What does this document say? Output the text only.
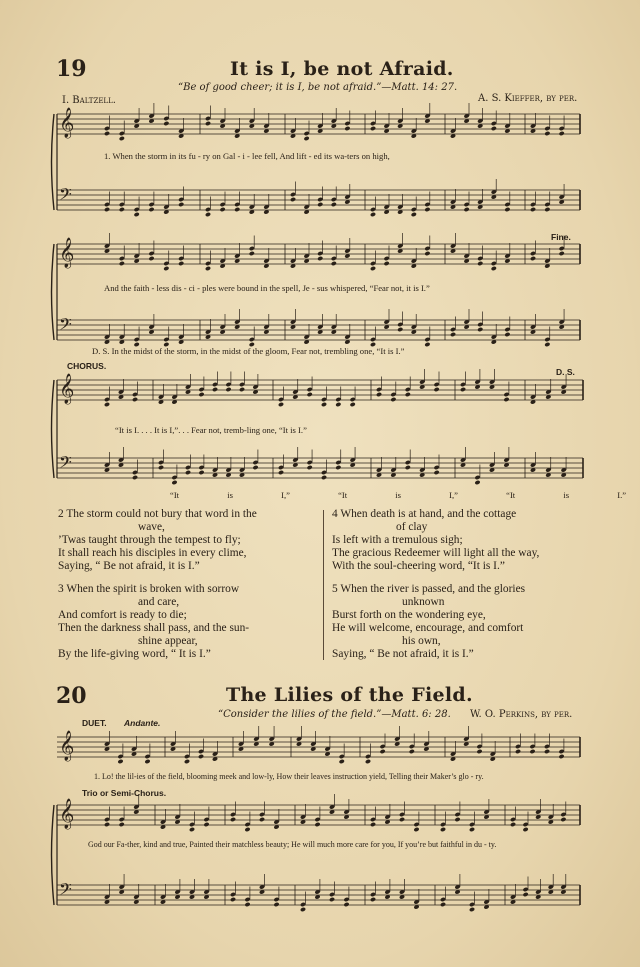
19	It is I, be not Afraid.
“Be of good cheer; it is I, be not afraid.”—Matt. 14: 27.
I. Baltzell.	A. S. Kieffer, by per.
𝄞
𝄢
1. When the storm in its fu - ry on Gal - i - lee fell, And lift - ed its wa-ters on high,
𝄞
𝄢
Fine.
And the faith - less dis - ci - ples were bound in the spell, Je - sus whispered, “Fear not, it is I.”
D. S. In the midst of the storm, in the midst of the gloom, Fear not, trembling one, “It is I.”
CHORUS.
D. S.
𝄞
𝄢
“It is I. . . . It is I,”. . . Fear not, tremb-ling one, “It is I.”
“It is I,” “It is I,” “It is I.”
2 The storm could not bury that word in the
wave,
’Twas taught through the tempest to fly;
It shall reach his disciples in every clime,
Saying, “ Be not afraid, it is I.”
3 When the spirit is broken with sorrow
and care,
And comfort is ready to die;
Then the darkness shall pass, and the sun-
shine appear,
By the life-giving word, “ It is I.”
4 When death is at hand, and the cottage
of clay
Is left with a tremulous sigh;
The gracious Redeemer will light all the way,
With the soul-cheering word, “It is I.”
5 When the river is passed, and the glories
unknown
Burst forth on the wondering eye,
He will welcome, encourage, and comfort
his own,
Saying, “ Be not afraid, it is I.”
20	The Lilies of the Field.
“Consider the lilies of the field.”—Matt. 6: 28. W. O. Perkins, by per.
DUET. Andante.
𝄞
1. Lo! the lil-ies of the field, blooming meek and low-ly, How their leaves instruction yield, Telling their Maker’s glo - ry.
Trio or Semi-Chorus.
𝄞
𝄢
God our Fa-ther, kind and true, Painted their matchless beauty; He will much more care for you, If you’re but faithful in du - ty.
